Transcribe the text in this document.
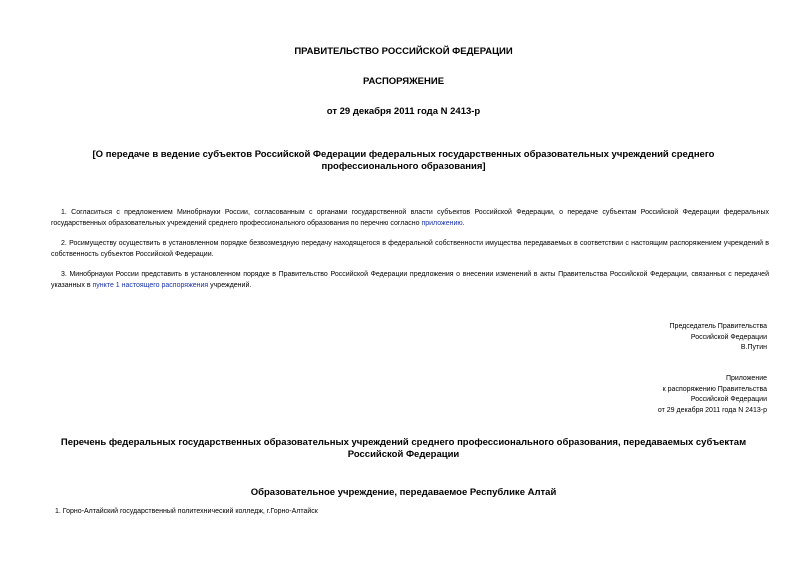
ПРАВИТЕЛЬСТВО РОССИЙСКОЙ ФЕДЕРАЦИИ
РАСПОРЯЖЕНИЕ
от 29 декабря 2011 года N 2413-р
[О передаче в ведение субъектов Российской Федерации федеральных государственных образовательных учреждений среднего профессионального образования]
1. Согласиться с предложением Минобрнауки России, согласованным с органами государственной власти субъектов Российской Федерации, о передаче субъектам Российской Федерации федеральных государственных образовательных учреждений среднего профессионального образования по перечню согласно приложению.
2. Росимуществу осуществить в установленном порядке безвозмездную передачу находящегося в федеральной собственности имущества передаваемых в соответствии с настоящим распоряжением учреждений в собственность субъектов Российской Федерации.
3. Минобрнауки России представить в установленном порядке в Правительство Российской Федерации предложения о внесении изменений в акты Правительства Российской Федерации, связанных с передачей указанных в пункте 1 настоящего распоряжения учреждений.
Председатель Правительства
Российской Федерации
В.Путин
Приложение
к распоряжению Правительства
Российской Федерации
от 29 декабря 2011 года N 2413-р
Перечень федеральных государственных образовательных учреждений среднего профессионального образования, передаваемых субъектам Российской Федерации
Образовательное учреждение, передаваемое Республике Алтай
1. Горно-Алтайский государственный политехнический колледж, г.Горно-Алтайск
